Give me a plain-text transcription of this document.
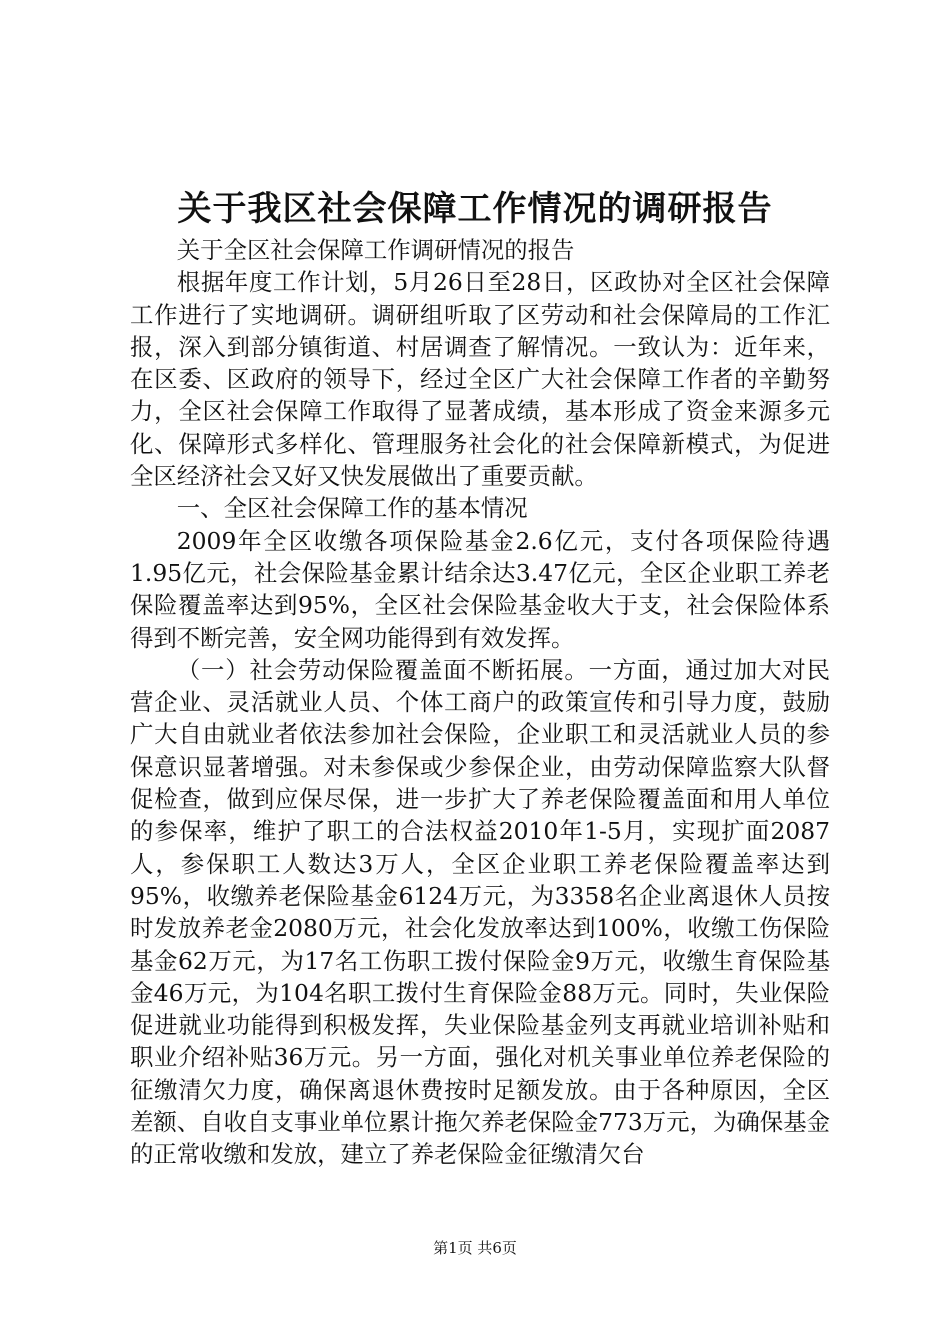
关于我区社会保障工作情况的调研报告

关于全区社会保障工作调研情况的报告

根据年度工作计划，5月26日至28日，区政协对全区社会保障工作进行了实地调研。调研组听取了区劳动和社会保障局的工作汇报，深入到部分镇街道、村居调查了解情况。一致认为：近年来，在区委、区政府的领导下，经过全区广大社会保障工作者的辛勤努力，全区社会保障工作取得了显著成绩，基本形成了资金来源多元化、保障形式多样化、管理服务社会化的社会保障新模式，为促进全区经济社会又好又快发展做出了重要贡献。

一、全区社会保障工作的基本情况

2009年全区收缴各项保险基金2.6亿元，支付各项保险待遇1.95亿元，社会保险基金累计结余达3.47亿元，全区企业职工养老保险覆盖率达到95%，全区社会保险基金收大于支，社会保险体系得到不断完善，安全网功能得到有效发挥。

（一）社会劳动保险覆盖面不断拓展。一方面，通过加大对民营企业、灵活就业人员、个体工商户的政策宣传和引导力度，鼓励广大自由就业者依法参加社会保险，企业职工和灵活就业人员的参保意识显著增强。对未参保或少参保企业，由劳动保障监察大队督促检查，做到应保尽保，进一步扩大了养老保险覆盖面和用人单位的参保率，维护了职工的合法权益2010年1-5月，实现扩面2087人，参保职工人数达3万人，全区企业职工养老保险覆盖率达到95%，收缴养老保险基金6124万元，为3358名企业离退休人员按时发放养老金2080万元，社会化发放率达到100%，收缴工伤保险基金62万元，为17名工伤职工拨付保险金9万元，收缴生育保险基金46万元，为104名职工拨付生育保险金88万元。同时，失业保险促进就业功能得到积极发挥，失业保险基金列支再就业培训补贴和职业介绍补贴36万元。另一方面，强化对机关事业单位养老保险的征缴清欠力度，确保离退休费按时足额发放。由于各种原因，全区差额、自收自支事业单位累计拖欠养老保险金773万元，为确保基金的正常收缴和发放，建立了养老保险金征缴清欠台

第1页 共6页
